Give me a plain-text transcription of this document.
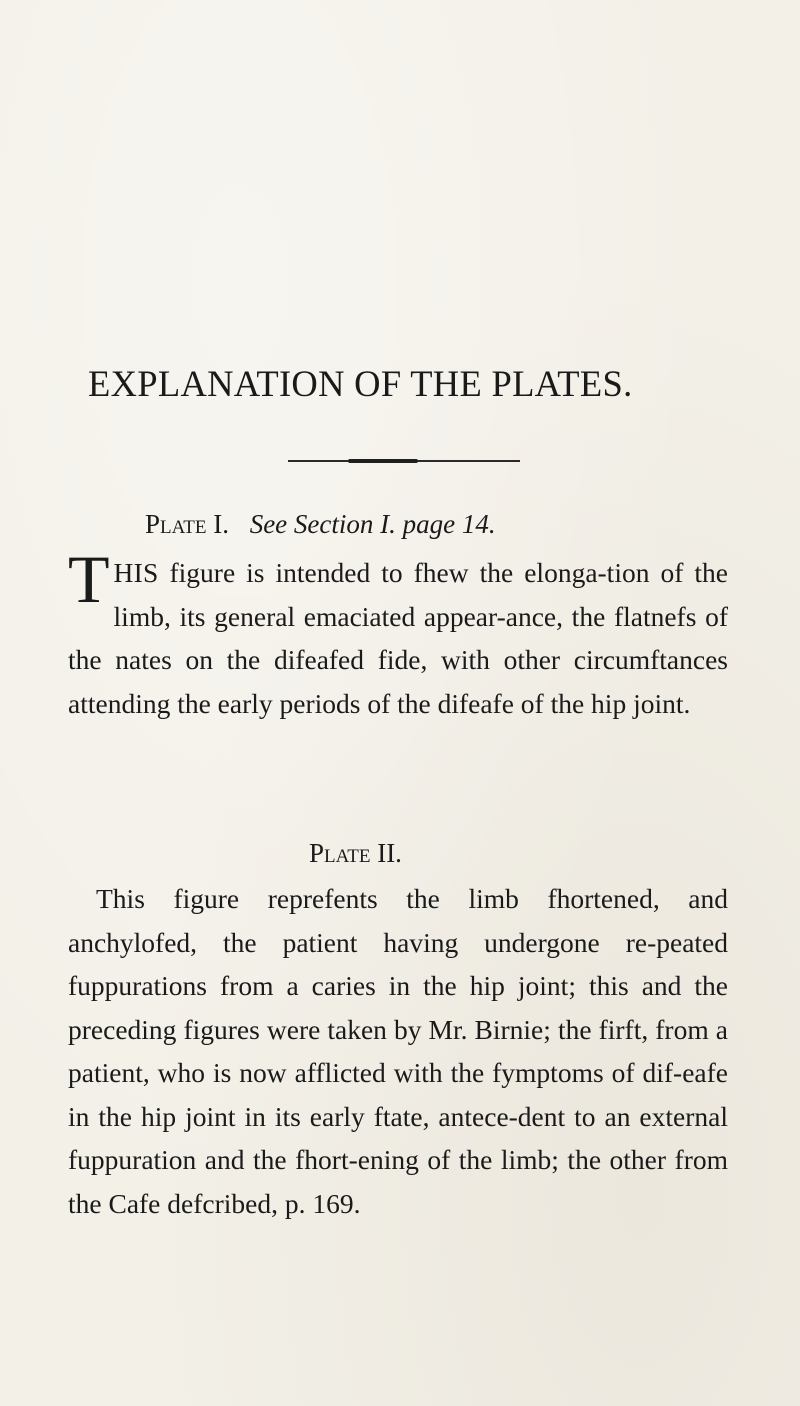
EXPLANATION OF THE PLATES.
Plate I. See Section I. page 14.
THIS figure is intended to fhew the elonga-tion of the limb, its general emaciated appear-ance, the flatnefs of the nates on the difeafed fide, with other circumftances attending the early periods of the difeafe of the hip joint.
Plate II.
This figure reprefents the limb fhortened, and anchylofed, the patient having undergone re-peated fuppurations from a caries in the hip joint; this and the preceding figures were taken by Mr. Birnie; the firft, from a patient, who is now afflicted with the fymptoms of dif-eafe in the hip joint in its early ftate, antece-dent to an external fuppuration and the fhort-ening of the limb; the other from the Cafe defcribed, p. 169.
